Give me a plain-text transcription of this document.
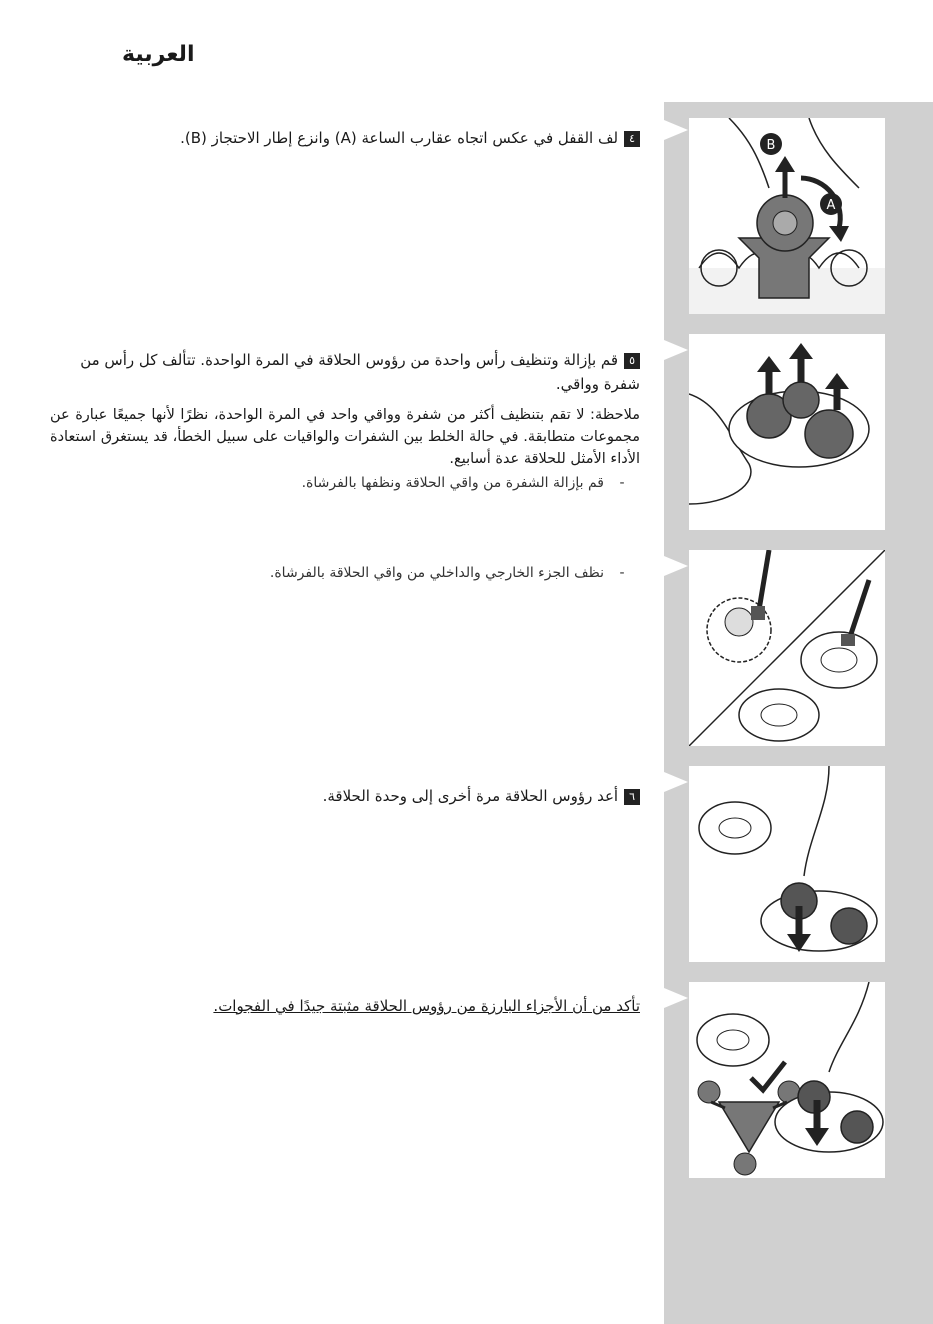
العربية
٤لف القفل في عكس اتجاه عقارب الساعة (A) وانزع إطار الاحتجاز (B).
٥قم بإزالة وتنظيف رأس واحدة من رؤوس الحلاقة في المرة الواحدة. تتألف كل رأس من شفرة وواقي.
ملاحظة: لا تقم بتنظيف أكثر من شفرة وواقي واحد في المرة الواحدة، نظرًا لأنها جميعًا عبارة عن مجموعات متطابقة. في حالة الخلط بين الشفرات والواقيات على سبيل الخطأ، قد يستغرق استعادة الأداء الأمثل للحلاقة عدة أسابيع.
-قم بإزالة الشفرة من واقي الحلاقة ونظفها بالفرشاة.
-نظف الجزء الخارجي والداخلي من واقي الحلاقة بالفرشاة.
٦أعد رؤوس الحلاقة مرة أخرى إلى وحدة الحلاقة.
تأكد من أن الأجزاء البارزة من رؤوس الحلاقة مثبتة جيدًا في الفجوات.
B
A
